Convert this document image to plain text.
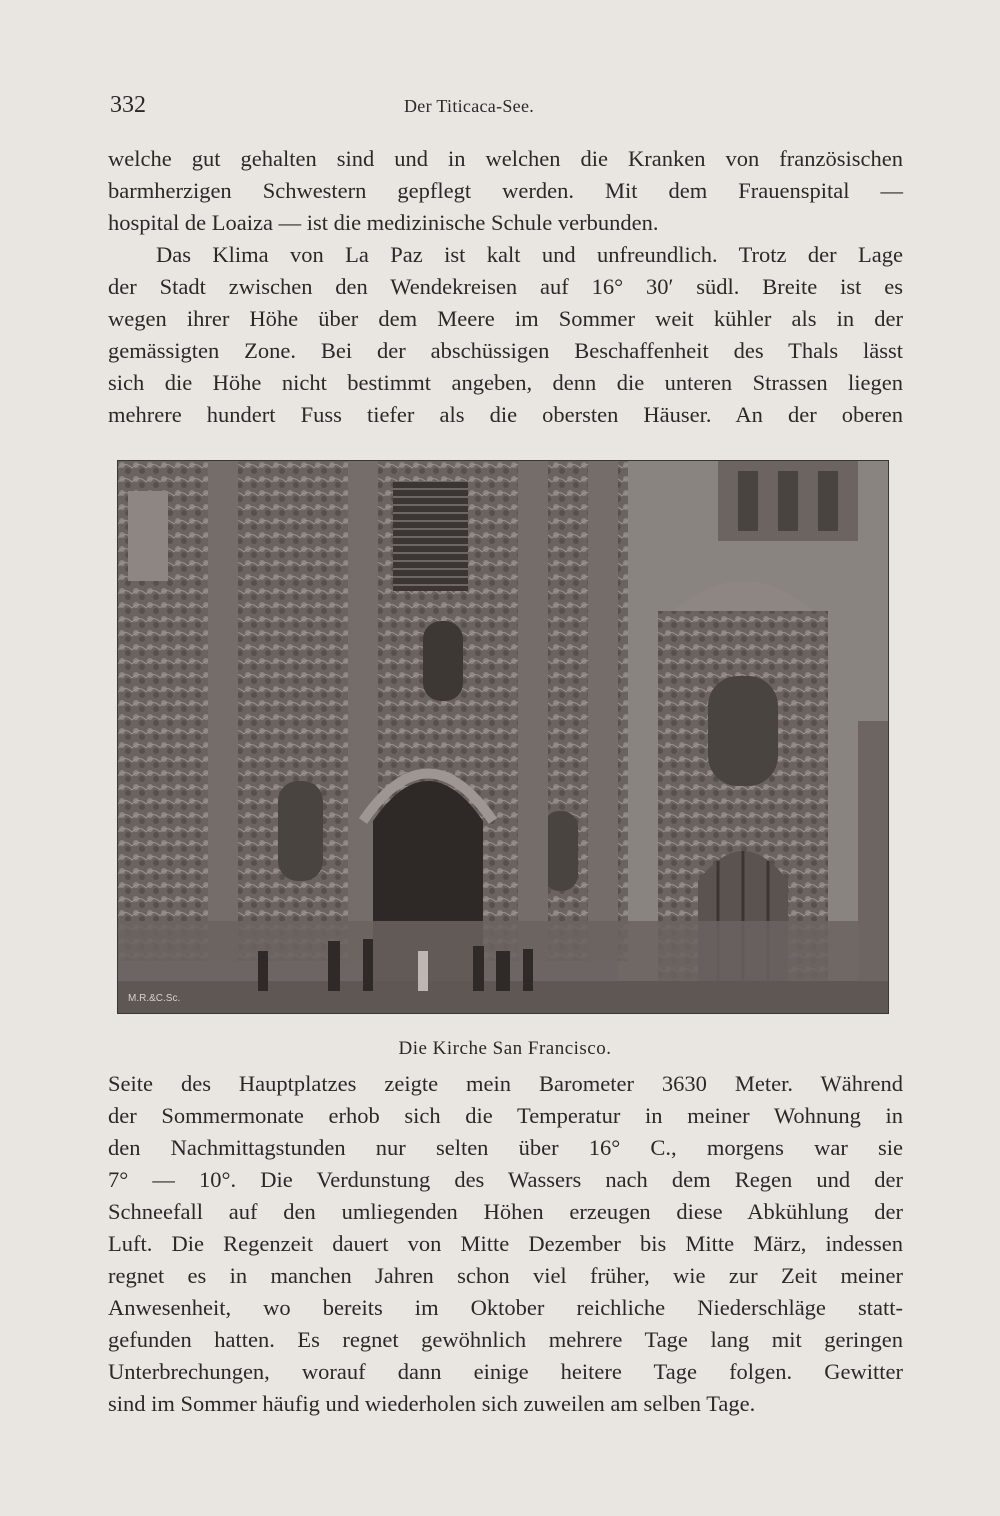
332	Der Titicaca-See.
welche gut gehalten sind und in welchen die Kranken von französischen
barmherzigen Schwestern gepflegt werden. Mit dem Frauenspital —
hospital de Loaiza — ist die medizinische Schule verbunden.
Das Klima von La Paz ist kalt und unfreundlich. Trotz der Lage
der Stadt zwischen den Wendekreisen auf 16° 30′ südl. Breite ist es
wegen ihrer Höhe über dem Meere im Sommer weit kühler als in der
gemässigten Zone. Bei der abschüssigen Beschaffenheit des Thals lässt
sich die Höhe nicht bestimmt angeben, denn die unteren Strassen liegen
mehrere hundert Fuss tiefer als die obersten Häuser. An der oberen
M.R.&C.Sc.
Die Kirche San Francisco.
Seite des Hauptplatzes zeigte mein Barometer 3630 Meter. Während
der Sommermonate erhob sich die Temperatur in meiner Wohnung in
den Nachmittagstunden nur selten über 16° C., morgens war sie
7° — 10°. Die Verdunstung des Wassers nach dem Regen und der
Schneefall auf den umliegenden Höhen erzeugen diese Abkühlung der
Luft. Die Regenzeit dauert von Mitte Dezember bis Mitte März, indessen
regnet es in manchen Jahren schon viel früher, wie zur Zeit meiner
Anwesenheit, wo bereits im Oktober reichliche Niederschläge statt-
gefunden hatten. Es regnet gewöhnlich mehrere Tage lang mit geringen
Unterbrechungen, worauf dann einige heitere Tage folgen. Gewitter
sind im Sommer häufig und wiederholen sich zuweilen am selben Tage.
